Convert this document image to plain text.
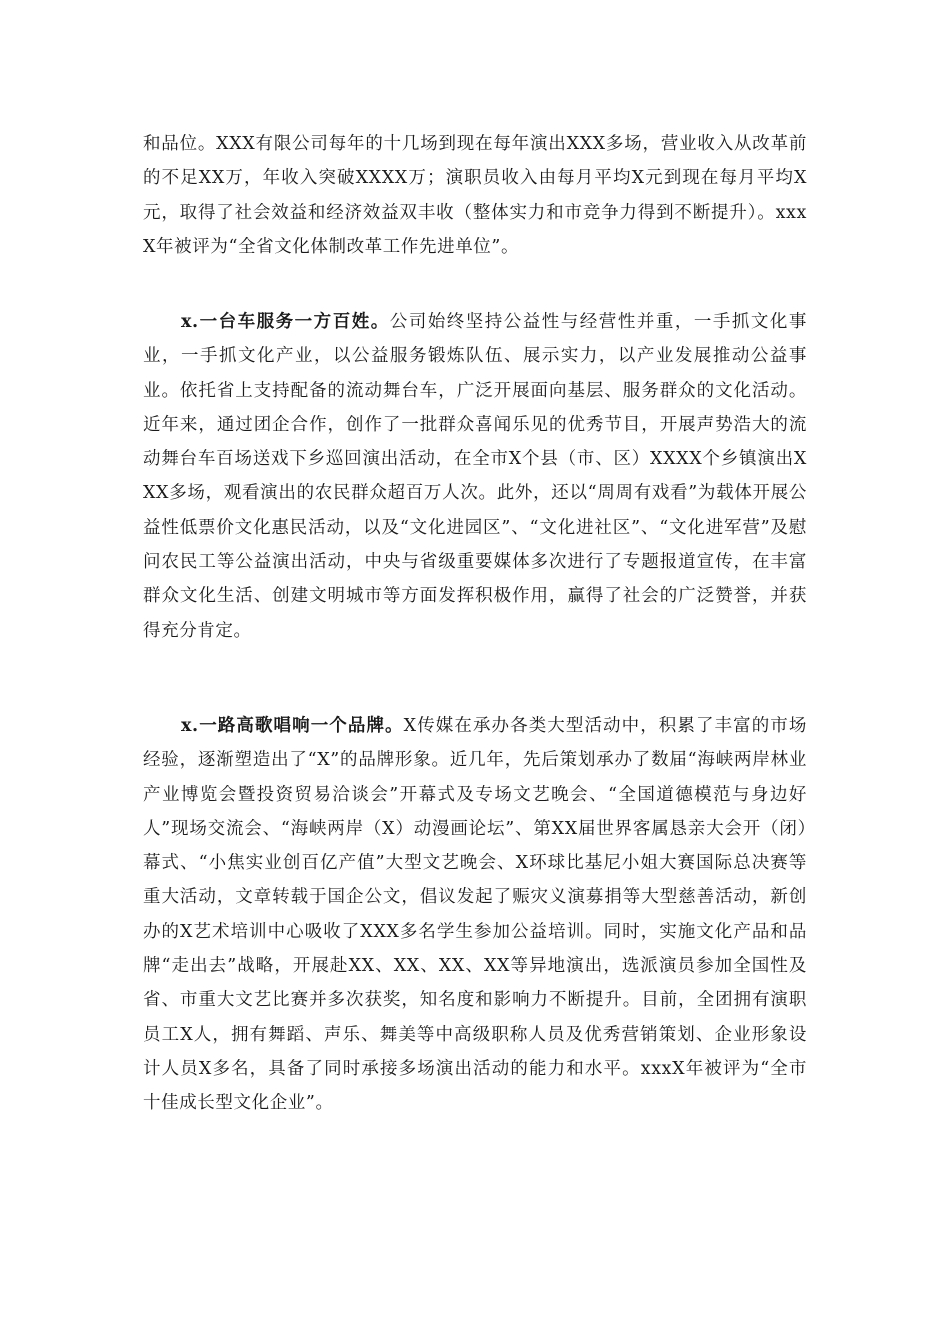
和品位。XXX有限公司每年的十几场到现在每年演出XXX多场，营业收入从改革前的不足XX万，年收入突破XXXX万；演职员收入由每月平均X元到现在每月平均X元，取得了社会效益和经济效益双丰收（整体实力和市竞争力得到不断提升）。xxxX年被评为“全省文化体制改革工作先进单位”。

x.一台车服务一方百姓。公司始终坚持公益性与经营性并重，一手抓文化事业，一手抓文化产业，以公益服务锻炼队伍、展示实力，以产业发展推动公益事业。依托省上支持配备的流动舞台车，广泛开展面向基层、服务群众的文化活动。近年来，通过团企合作，创作了一批群众喜闻乐见的优秀节目，开展声势浩大的流动舞台车百场送戏下乡巡回演出活动，在全市X个县（市、区）XXXX个乡镇演出XXX多场，观看演出的农民群众超百万人次。此外，还以“周周有戏看”为载体开展公益性低票价文化惠民活动，以及“文化进园区”、“文化进社区”、“文化进军营”及慰问农民工等公益演出活动，中央与省级重要媒体多次进行了专题报道宣传，在丰富群众文化生活、创建文明城市等方面发挥积极作用，赢得了社会的广泛赞誉，并获得充分肯定。

x.一路高歌唱响一个品牌。X传媒在承办各类大型活动中，积累了丰富的市场经验，逐渐塑造出了“X”的品牌形象。近几年，先后策划承办了数届“海峡两岸林业产业博览会暨投资贸易洽谈会”开幕式及专场文艺晚会、“全国道德模范与身边好人”现场交流会、“海峡两岸（X）动漫画论坛”、第XX届世界客属恳亲大会开（闭）幕式、“小焦实业创百亿产值”大型文艺晚会、X环球比基尼小姐大赛国际总决赛等重大活动，文章转载于国企公文，倡议发起了赈灾义演募捐等大型慈善活动，新创办的X艺术培训中心吸收了XXX多名学生参加公益培训。同时，实施文化产品和品牌“走出去”战略，开展赴XX、XX、XX、XX等异地演出，选派演员参加全国性及省、市重大文艺比赛并多次获奖，知名度和影响力不断提升。目前，全团拥有演职员工X人，拥有舞蹈、声乐、舞美等中高级职称人员及优秀营销策划、企业形象设计人员X多名，具备了同时承接多场演出活动的能力和水平。xxxX年被评为“全市十佳成长型文化企业”。
